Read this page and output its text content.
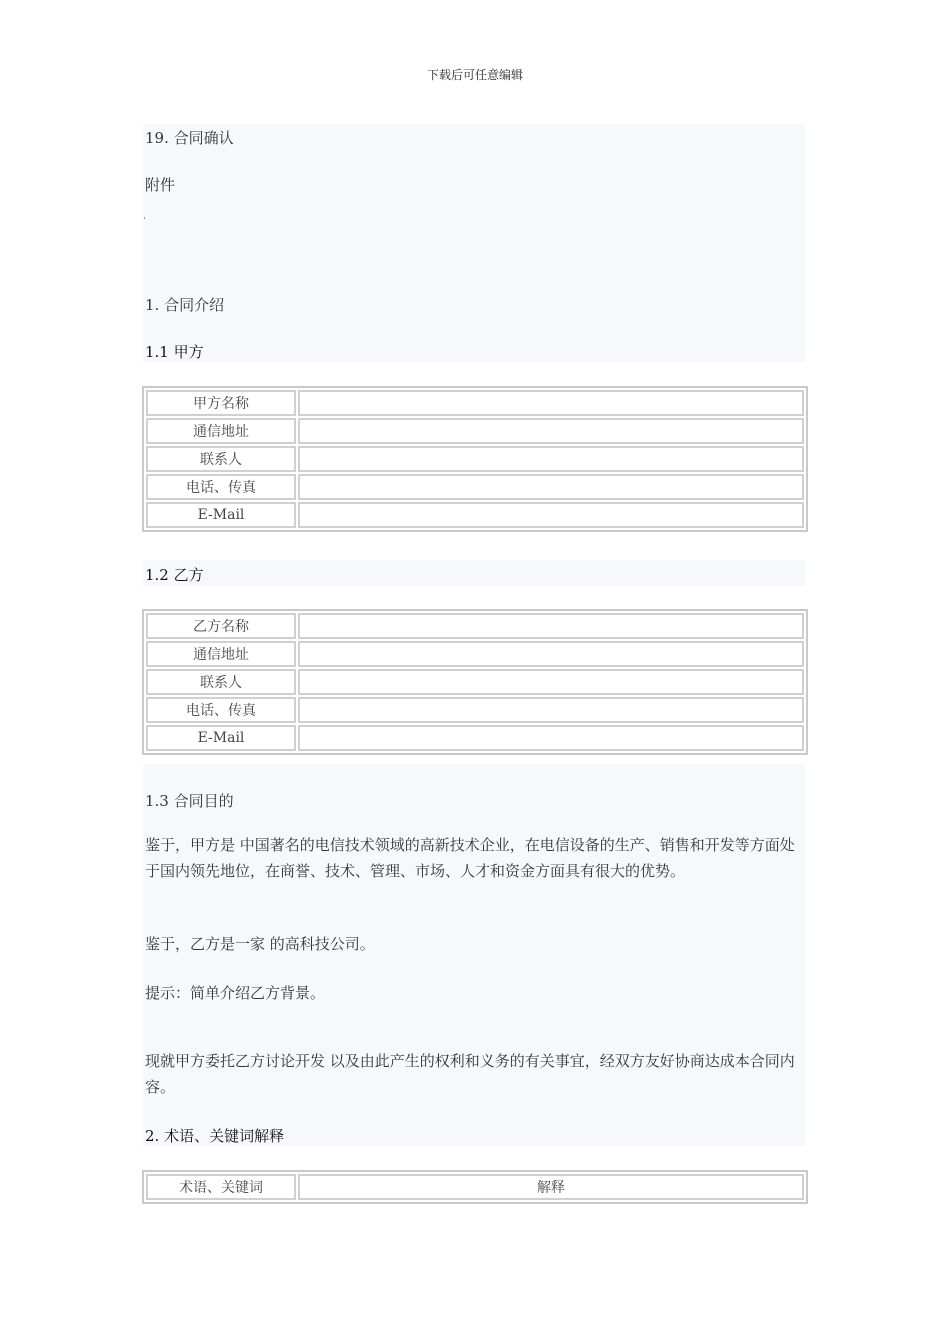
下载后可任意编辑
19. 合同确认
附件
1. 合同介绍
1.1 甲方
甲方名称	
通信地址	
联系人	
电话、传真	
E-Mail	
1.2 乙方
乙方名称	
通信地址	
联系人	
电话、传真	
E-Mail	
1.3 合同目的
鉴于，甲方是 中国著名的电信技术领域的高新技术企业，在电信设备的生产、销售和开发等方面处于国内领先地位，在商誉、技术、管理、市场、人才和资金方面具有很大的优势。
鉴于，乙方是一家 的高科技公司。
提示：简单介绍乙方背景。
现就甲方委托乙方讨论开发 以及由此产生的权利和义务的有关事宜，经双方友好协商达成本合同内容。
2. 术语、关键词解释
术语、关键词	解释
